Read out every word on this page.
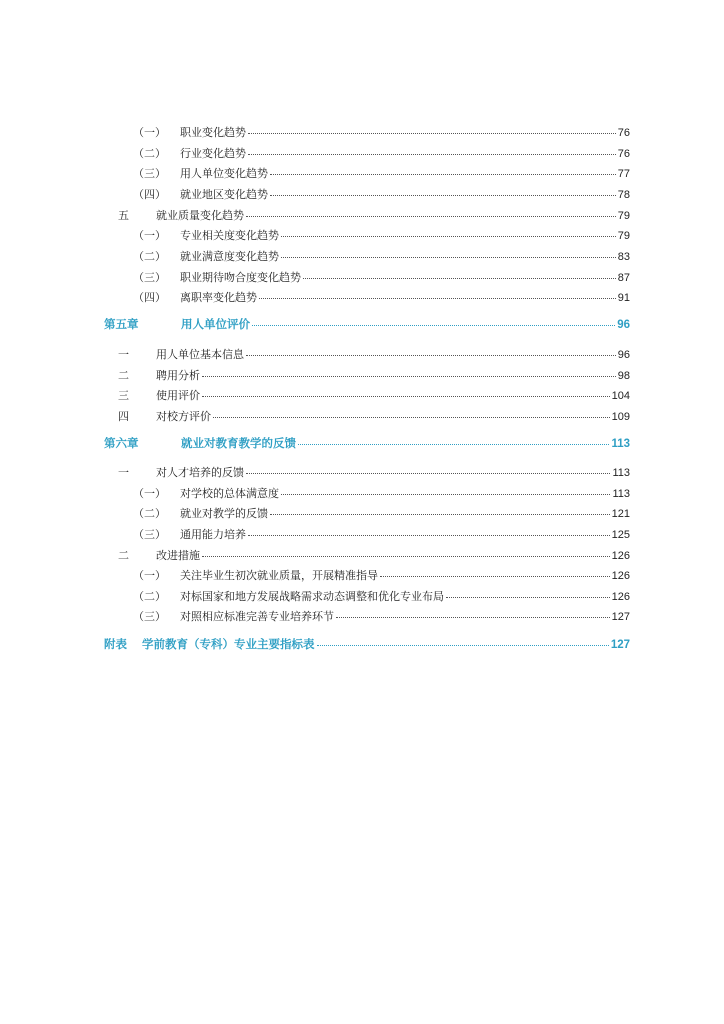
（一）	职业变化趋势	76
（二）	行业变化趋势	76
（三）	用人单位变化趋势	77
（四）	就业地区变化趋势	78
五	就业质量变化趋势	79
（一）	专业相关度变化趋势	79
（二）	就业满意度变化趋势	83
（三）	职业期待吻合度变化趋势	87
（四）	离职率变化趋势	91
第五章	用人单位评价	96
一	用人单位基本信息	96
二	聘用分析	98
三	使用评价	104
四	对校方评价	109
第六章	就业对教育教学的反馈	113
一	对人才培养的反馈	113
（一）	对学校的总体满意度	113
（二）	就业对教学的反馈	121
（三）	通用能力培养	125
二	改进措施	126
（一）	关注毕业生初次就业质量，开展精准指导	126
（二）	对标国家和地方发展战略需求动态调整和优化专业布局	126
（三）	对照相应标准完善专业培养环节	127
附表	学前教育（专科）专业主要指标表	127
